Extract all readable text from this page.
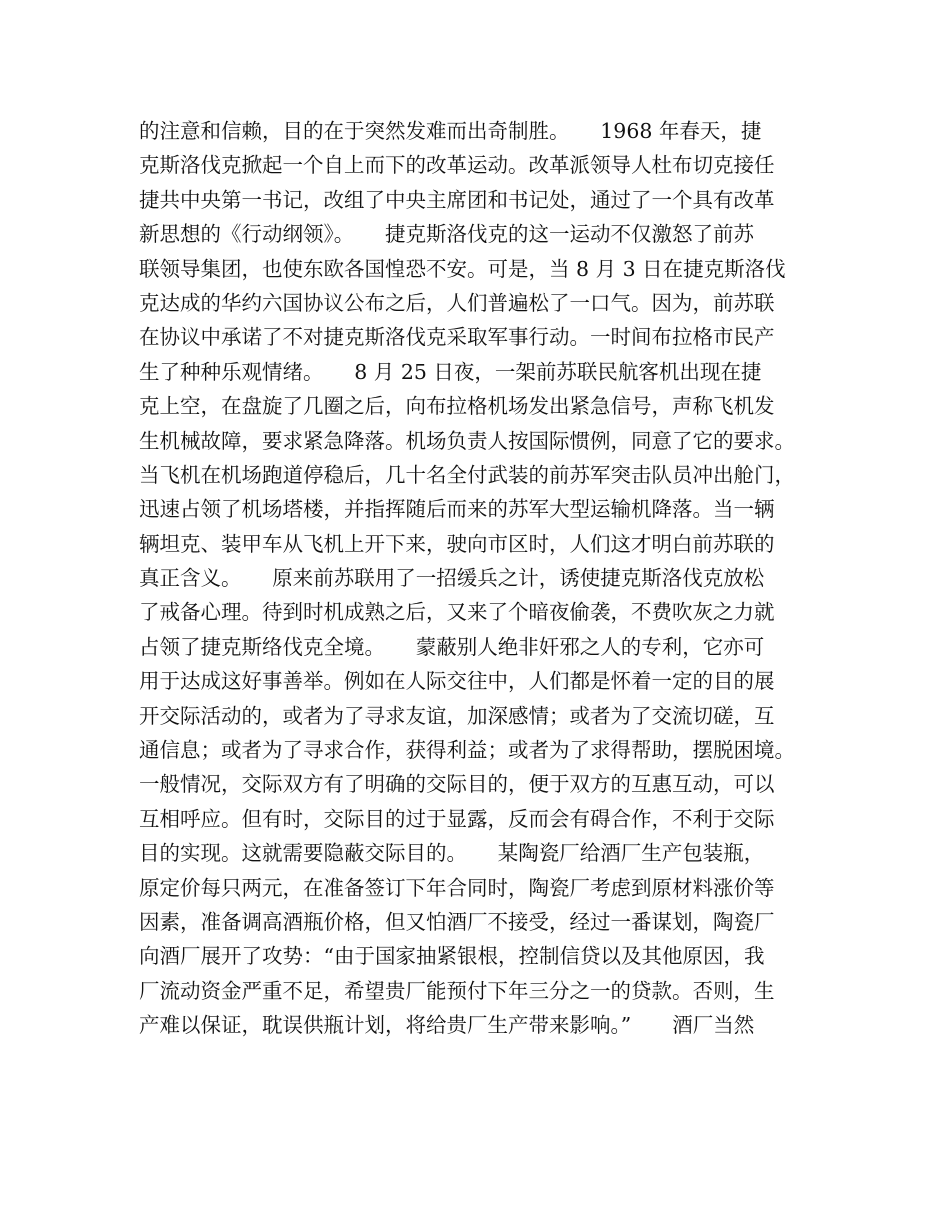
的注意和信赖，目的在于突然发难而出奇制胜。　　1968 年春天，捷
克斯洛伐克掀起一个自上而下的改革运动。改革派领导人杜布切克接任
捷共中央第一书记，改组了中央主席团和书记处，通过了一个具有改革
新思想的《行动纲领》。　　捷克斯洛伐克的这一运动不仅激怒了前苏
联领导集团，也使东欧各国惶恐不安。可是，当 8 月 3 日在捷克斯洛伐
克达成的华约六国协议公布之后，人们普遍松了一口气。因为，前苏联
在协议中承诺了不对捷克斯洛伐克采取军事行动。一时间布拉格市民产
生了种种乐观情绪。　　8 月 25 日夜，一架前苏联民航客机出现在捷
克上空，在盘旋了几圈之后，向布拉格机场发出紧急信号，声称飞机发
生机械故障，要求紧急降落。机场负责人按国际惯例，同意了它的要求。
当飞机在机场跑道停稳后，几十名全付武装的前苏军突击队员冲出舱门，
迅速占领了机场塔楼，并指挥随后而来的苏军大型运输机降落。当一辆
辆坦克、装甲车从飞机上开下来，驶向市区时，人们这才明白前苏联的
真正含义。　　原来前苏联用了一招缓兵之计，诱使捷克斯洛伐克放松
了戒备心理。待到时机成熟之后，又来了个暗夜偷袭，不费吹灰之力就
占领了捷克斯络伐克全境。　　蒙蔽别人绝非奸邪之人的专利，它亦可
用于达成这好事善举。例如在人际交往中，人们都是怀着一定的目的展
开交际活动的，或者为了寻求友谊，加深感情；或者为了交流切磋，互
通信息；或者为了寻求合作，获得利益；或者为了求得帮助，摆脱困境。
一般情况，交际双方有了明确的交际目的，便于双方的互惠互动，可以
互相呼应。但有时，交际目的过于显露，反而会有碍合作，不利于交际
目的实现。这就需要隐蔽交际目的。　　某陶瓷厂给酒厂生产包装瓶，
原定价每只两元，在准备签订下年合同时，陶瓷厂考虑到原材料涨价等
因素，准备调高酒瓶价格，但又怕酒厂不接受，经过一番谋划，陶瓷厂
向酒厂展开了攻势：“由于国家抽紧银根，控制信贷以及其他原因，我
厂流动资金严重不足，希望贵厂能预付下年三分之一的贷款。否则，生
产难以保证，耽误供瓶计划，将给贵厂生产带来影响。”　　酒厂当然
